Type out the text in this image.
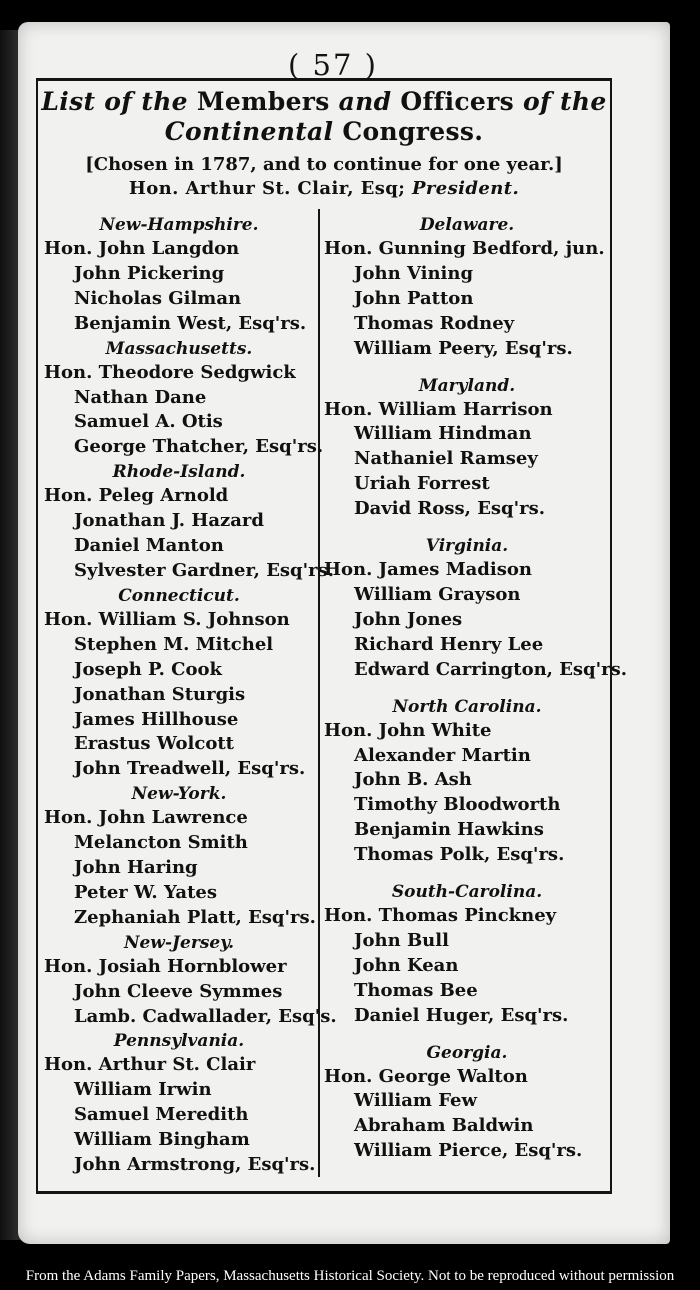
( 57 )
List of the Members and Officers of the
Continental Congress.
[Chosen in 1787, and to continue for one year.]
Hon. Arthur St. Clair, Esq; President.
New-Hampshire.
Hon. John Langdon
John Pickering
Nicholas Gilman
Benjamin West, Esq'rs.
Massachusetts.
Hon. Theodore Sedgwick
Nathan Dane
Samuel A. Otis
George Thatcher, Esq'rs.
Rhode-Island.
Hon. Peleg Arnold
Jonathan J. Hazard
Daniel Manton
Sylvester Gardner, Esq'rs.
Connecticut.
Hon. William S. Johnson
Stephen M. Mitchel
Joseph P. Cook
Jonathan Sturgis
James Hillhouse
Erastus Wolcott
John Treadwell, Esq'rs.
New-York.
Hon. John Lawrence
Melancton Smith
John Haring
Peter W. Yates
Zephaniah Platt, Esq'rs.
New-Jersey.
Hon. Josiah Hornblower
John Cleeve Symmes
Lamb. Cadwallader, Esq's.
Pennsylvania.
Hon. Arthur St. Clair
William Irwin
Samuel Meredith
William Bingham
John Armstrong, Esq'rs.
Delaware.
Hon. Gunning Bedford, jun.
John Vining
John Patton
Thomas Rodney
William Peery, Esq'rs.
Maryland.
Hon. William Harrison
William Hindman
Nathaniel Ramsey
Uriah Forrest
David Ross, Esq'rs.
Virginia.
Hon. James Madison
William Grayson
John Jones
Richard Henry Lee
Edward Carrington, Esq'rs.
North Carolina.
Hon. John White
Alexander Martin
John B. Ash
Timothy Bloodworth
Benjamin Hawkins
Thomas Polk, Esq'rs.
South-Carolina.
Hon. Thomas Pinckney
John Bull
John Kean
Thomas Bee
Daniel Huger, Esq'rs.
Georgia.
Hon. George Walton
William Few
Abraham Baldwin
William Pierce, Esq'rs.
From the Adams Family Papers, Massachusetts Historical Society. Not to be reproduced without permission
